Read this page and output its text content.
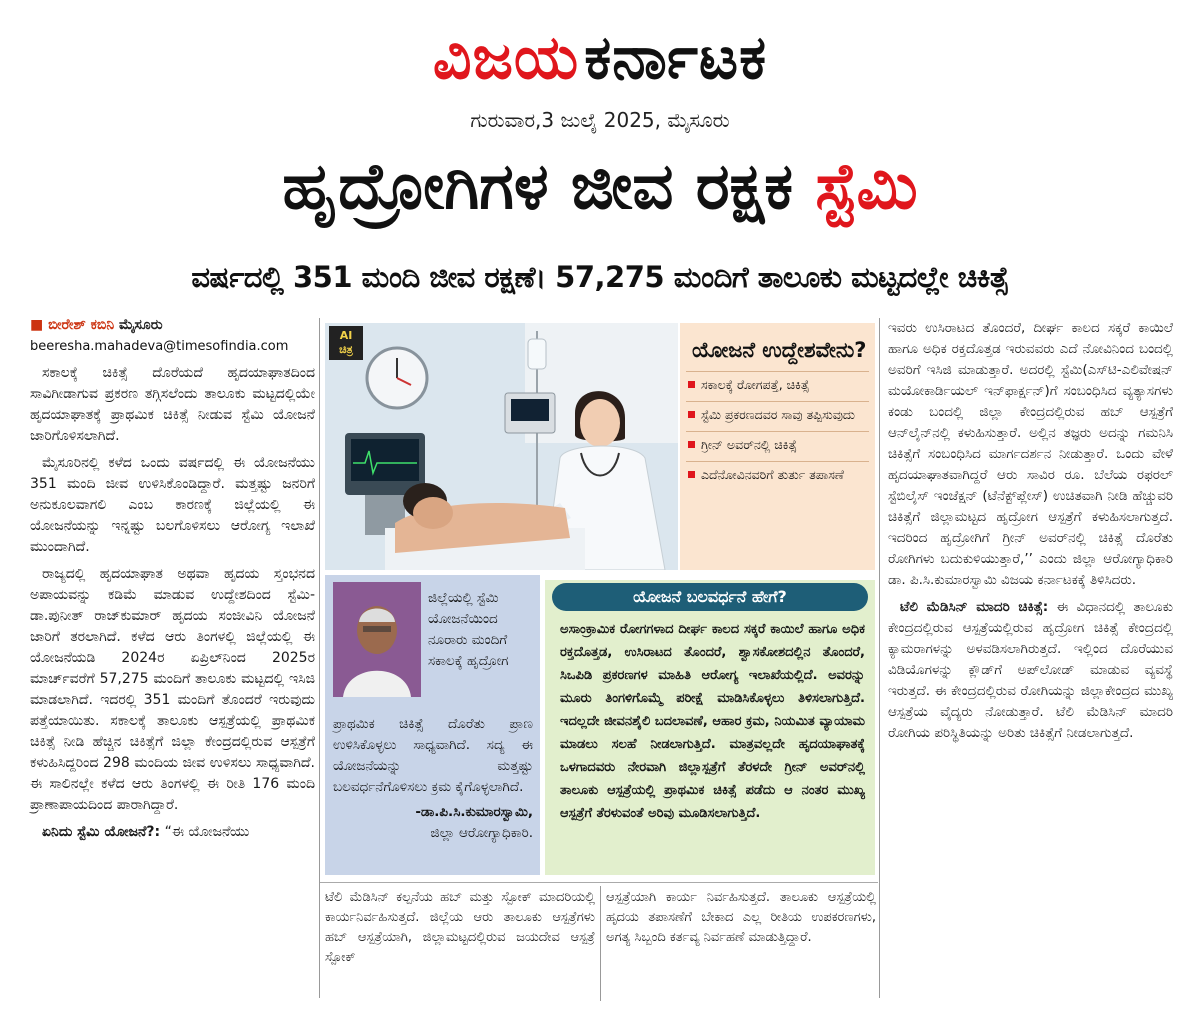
ವಿಜಯ ಕರ್ನಾಟಕ
ಗುರುವಾರ,3 ಜುಲೈ 2025, ಮೈಸೂರು
ಹೃದ್ರೋಗಿಗಳ ಜೀವ ರಕ್ಷಕ ಸ್ಟೆಮಿ
ವರ್ಷದಲ್ಲಿ 351 ಮಂದಿ ಜೀವ ರಕ್ಷಣೆ। 57,275 ಮಂದಿಗೆ ತಾಲೂಕು ಮಟ್ಟದಲ್ಲೇ ಚಿಕಿತ್ಸೆ
■ ಬೀರೇಶ್ ಕಬಿನಿ ಮೈಸೂರು
beeresha.mahadeva@timesofindia.com

ಸಕಾಲಕ್ಕೆ ಚಿಕಿತ್ಸೆ ದೊರೆಯದೆ ಹೃದಯಾಘಾತದಿಂದ ಸಾವಿಗೀಡಾಗುವ ಪ್ರಕರಣ ತಗ್ಗಿಸಲೆಂದು ತಾಲೂಕು ಮಟ್ಟದಲ್ಲಿಯೇ ಹೃದಯಾಘಾತಕ್ಕೆ ಪ್ರಾಥಮಿಕ ಚಿಕಿತ್ಸೆ ನೀಡುವ ಸ್ಟೆಮಿ ಯೋಜನೆ ಜಾರಿಗೊಳಿಸಲಾಗಿದೆ.

ಮೈಸೂರಿನಲ್ಲಿ ಕಳೆದ ಒಂದು ವರ್ಷದಲ್ಲಿ ಈ ಯೋಜನೆಯು 351 ಮಂದಿ ಜೀವ ಉಳಿಸಿಕೊಂಡಿದ್ದಾರೆ. ಮತ್ತಷ್ಟು ಜನರಿಗೆ ಅನುಕೂಲವಾಗಲಿ ಎಂಬ ಕಾರಣಕ್ಕೆ ಜಿಲ್ಲೆಯಲ್ಲಿ ಈ ಯೋಜನೆಯನ್ನು ಇನ್ನಷ್ಟು ಬಲಗೊಳಿಸಲು ಆರೋಗ್ಯ ಇಲಾಖೆ ಮುಂದಾಗಿದೆ.

ರಾಜ್ಯದಲ್ಲಿ ಹೃದಯಾಘಾತ ಅಥವಾ ಹೃದಯ ಸ್ತಂಭನದ ಅಪಾಯವನ್ನು ಕಡಿಮೆ ಮಾಡುವ ಉದ್ದೇಶದಿಂದ ಸ್ಟೆಮಿ-ಡಾ.ಪುನೀತ್ ರಾಜ್‌ಕುಮಾರ್ ಹೃದಯ ಸಂಜೀವಿನಿ ಯೋಜನೆ ಜಾರಿಗೆ ತರಲಾಗಿದೆ. ಕಳೆದ ಆರು ತಿಂಗಳಲ್ಲಿ ಜಿಲ್ಲೆಯಲ್ಲಿ ಈ ಯೋಜನೆಯಡಿ 2024ರ ಏಪ್ರಿಲ್‌ನಿಂದ 2025ರ ಮಾರ್ಚ್‌ವರೆಗೆ 57,275 ಮಂದಿಗೆ ತಾಲೂಕು ಮಟ್ಟದಲ್ಲಿ ಇಸಿಜಿ ಮಾಡಲಾಗಿದೆ. ಇದರಲ್ಲಿ 351 ಮಂದಿಗೆ ತೊಂದರೆ ಇರುವುದು ಪತ್ತೆಯಾಯಿತು. ಸಕಾಲಕ್ಕೆ ತಾಲೂಕು ಆಸ್ಪತ್ರೆಯಲ್ಲಿ ಪ್ರಾಥಮಿಕ ಚಿಕಿತ್ಸೆ ನೀಡಿ ಹೆಚ್ಚಿನ ಚಿಕಿತ್ಸೆಗೆ ಜಿಲ್ಲಾ ಕೇಂದ್ರದಲ್ಲಿರುವ ಆಸ್ಪತ್ರೆಗೆ ಕಳುಹಿಸಿದ್ದರಿಂದ 298 ಮಂದಿಯ ಜೀವ ಉಳಿಸಲು ಸಾಧ್ಯವಾಗಿದೆ. ಈ ಸಾಲಿನಲ್ಲೇ ಕಳೆದ ಆರು ತಿಂಗಳಲ್ಲಿ ಈ ರೀತಿ 176 ಮಂದಿ ಪ್ರಾಣಾಪಾಯದಿಂದ ಪಾರಾಗಿದ್ದಾರೆ.

ಏನಿದು ಸ್ಟೆಮಿ ಯೋಜನೆ?: “ಈ ಯೋಜನೆಯು

AI
ಚಿತ್ರ	ಯೋಜನೆ ಉದ್ದೇಶವೇನು?
ಸಕಾಲಕ್ಕೆ ರೋಗಪತ್ತೆ, ಚಿಕಿತ್ಸೆ
ಸ್ಟೆಮಿ ಪ್ರಕರಣದವರ ಸಾವು ತಪ್ಪಿಸುವುದು
ಗ್ರೀನ್ ಅವರ್‌ನಲ್ಲಿ ಚಿಕಿತ್ಸೆ
ಎದೆನೋವಿನವರಿಗೆ ತುರ್ತು ತಪಾಸಣೆ
ಜಿಲ್ಲೆಯಲ್ಲಿ ಸ್ಟೆಮಿ ಯೋಜನೆಯಿಂದ ನೂರಾರು ಮಂದಿಗೆ ಸಕಾಲಕ್ಕೆ ಹೃದ್ರೋಗ
ಪ್ರಾಥಮಿಕ ಚಿಕಿತ್ಸೆ ದೊರೆತು ಪ್ರಾಣ ಉಳಿಸಿಕೊಳ್ಳಲು ಸಾಧ್ಯವಾಗಿದೆ. ಸದ್ಯ ಈ ಯೋಜನೆಯನ್ನು ಮತ್ತಷ್ಟು ಬಲವರ್ಧನೆಗೊಳಿಸಲು ಕ್ರಮ ಕೈಗೊಳ್ಳಲಾಗಿದೆ.
-ಡಾ.ಪಿ.ಸಿ.ಕುಮಾರಸ್ವಾಮಿ,
ಜಿಲ್ಲಾ ಆರೋಗ್ಯಾಧಿಕಾರಿ.
ಯೋಜನೆ ಬಲವರ್ಧನೆ ಹೇಗೆ?
ಅಸಾಂಕ್ರಾಮಿಕ ರೋಗಗಳಾದ ದೀರ್ಘ ಕಾಲದ ಸಕ್ಕರೆ ಕಾಯಿಲೆ ಹಾಗೂ ಅಧಿಕ ರಕ್ತದೊತ್ತಡ, ಉಸಿರಾಟದ ತೊಂದರೆ, ಶ್ವಾಸಕೋಶದಲ್ಲಿನ ತೊಂದರೆ, ಸಿಒಪಿಡಿ ಪ್ರಕರಣಗಳ ಮಾಹಿತಿ ಆರೋಗ್ಯ ಇಲಾಖೆಯಲ್ಲಿದೆ. ಅವರನ್ನು ಮೂರು ತಿಂಗಳಿಗೊಮ್ಮೆ ಪರೀಕ್ಷೆ ಮಾಡಿಸಿಕೊಳ್ಳಲು ತಿಳಿಸಲಾಗುತ್ತಿದೆ. ಇದಲ್ಲದೇ ಜೀವನಶೈಲಿ ಬದಲಾವಣೆ, ಆಹಾರ ಕ್ರಮ, ನಿಯಮಿತ ವ್ಯಾಯಾಮ ಮಾಡಲು ಸಲಹೆ ನೀಡಲಾಗುತ್ತಿದೆ. ಮಾತ್ರವಲ್ಲದೇ ಹೃದಯಾಘಾತಕ್ಕೆ ಒಳಗಾದವರು ನೇರವಾಗಿ ಜಿಲ್ಲಾಸ್ಪತ್ರೆಗೆ ತೆರಳದೇ ಗ್ರೀನ್ ಅವರ್‌ನಲ್ಲಿ ತಾಲೂಕು ಆಸ್ಪತ್ರೆಯಲ್ಲಿ ಪ್ರಾಥಮಿಕ ಚಿಕಿತ್ಸೆ ಪಡೆದು ಆ ನಂತರ ಮುಖ್ಯ ಆಸ್ಪತ್ರೆಗೆ ತೆರಳುವಂತೆ ಅರಿವು ಮೂಡಿಸಲಾಗುತ್ತಿದೆ.

ಇವರು ಉಸಿರಾಟದ ತೊಂದರೆ, ದೀರ್ಘ ಕಾಲದ ಸಕ್ಕರೆ ಕಾಯಿಲೆ ಹಾಗೂ ಅಧಿಕ ರಕ್ತದೊತ್ತಡ ಇರುವವರು ಎದೆ ನೋವಿನಿಂದ ಬಂದಲ್ಲಿ ಅವರಿಗೆ ಇಸಿಜಿ ಮಾಡುತ್ತಾರೆ. ಅದರಲ್ಲಿ ಸ್ಟೆಮಿ(ಎಸ್‌ಟಿ-ಎಲಿವೇಷನ್ ಮಯೋಕಾರ್ಡಿಯಲ್ ಇನ್‌ಫಾರ್ಕ್ಷನ್)ಗೆ ಸಂಬಂಧಿಸಿದ ವ್ಯತ್ಯಾಸಗಳು ಕಂಡು ಬಂದಲ್ಲಿ ಜಿಲ್ಲಾ ಕೇಂದ್ರದಲ್ಲಿರುವ ಹಬ್ ಆಸ್ಪತ್ರೆಗೆ ಆನ್‌ಲೈನ್‌ನಲ್ಲಿ ಕಳುಹಿಸುತ್ತಾರೆ. ಅಲ್ಲಿನ ತಜ್ಞರು ಅದನ್ನು ಗಮನಿಸಿ ಚಿಕಿತ್ಸೆಗೆ ಸಂಬಂಧಿಸಿದ ಮಾರ್ಗದರ್ಶನ ನೀಡುತ್ತಾರೆ. ಒಂದು ವೇಳೆ ಹೃದಯಾಘಾತವಾಗಿದ್ದರೆ ಆರು ಸಾವಿರ ರೂ. ಬೆಲೆಯ ರಫರಲ್ ಸ್ಟೆಬಿಲೈಸ್ ಇಂಜೆಕ್ಷನ್ (ಟೆನೆಕ್ಟ್‌ಪ್ಲೇಸ್) ಉಚಿತವಾಗಿ ನೀಡಿ ಹೆಚ್ಚುವರಿ ಚಿಕಿತ್ಸೆಗೆ ಜಿಲ್ಲಾಮಟ್ಟದ ಹೃದ್ರೋಗ ಆಸ್ಪತ್ರೆಗೆ ಕಳುಹಿಸಲಾಗುತ್ತದೆ. ಇದರಿಂದ ಹೃದ್ರೋಗಿಗೆ ಗ್ರೀನ್ ಅವರ್‌ನಲ್ಲಿ ಚಿಕಿತ್ಸೆ ದೊರೆತು ರೋಗಿಗಳು ಬದುಕುಳಿಯುತ್ತಾರೆ,’’ ಎಂದು ಜಿಲ್ಲಾ ಆರೋಗ್ಯಾಧಿಕಾರಿ ಡಾ. ಪಿ.ಸಿ.ಕುಮಾರಸ್ವಾಮಿ ವಿಜಯ ಕರ್ನಾಟಕಕ್ಕೆ ತಿಳಿಸಿದರು.

ಟೆಲಿ ಮೆಡಿಸಿನ್ ಮಾದರಿ ಚಿಕಿತ್ಸೆ: ಈ ವಿಧಾನದಲ್ಲಿ ತಾಲೂಕು ಕೇಂದ್ರದಲ್ಲಿರುವ ಆಸ್ಪತ್ರೆಯಲ್ಲಿರುವ ಹೃದ್ರೋಗ ಚಿಕಿತ್ಸೆ ಕೇಂದ್ರದಲ್ಲಿ ಕ್ಯಾಮರಾಗಳನ್ನು ಅಳವಡಿಸಲಾಗಿರುತ್ತದೆ. ಇಲ್ಲಿಂದ ದೊರೆಯುವ ವಿಡಿಯೊಗಳನ್ನು ಕ್ಲೌಡ್‌ಗೆ ಅಪ್‌ಲೋಡ್ ಮಾಡುವ ವ್ಯವಸ್ಥೆ ಇರುತ್ತದೆ. ಈ ಕೇಂದ್ರದಲ್ಲಿರುವ ರೋಗಿಯನ್ನು ಜಿಲ್ಲಾಕೇಂದ್ರದ ಮುಖ್ಯ ಆಸ್ಪತ್ರೆಯ ವೈದ್ಯರು ನೋಡುತ್ತಾರೆ. ಟೆಲಿ ಮೆಡಿಸಿನ್ ಮಾದರಿ ರೋಗಿಯ ಪರಿಸ್ಥಿತಿಯನ್ನು ಅರಿತು ಚಿಕಿತ್ಸೆಗೆ ನೀಡಲಾಗುತ್ತದೆ.

ಟೆಲಿ ಮೆಡಿಸಿನ್ ಕಲ್ಪನೆಯ ಹಬ್ ಮತ್ತು ಸ್ಪೋಕ್ ಮಾದರಿಯಲ್ಲಿ ಕಾರ್ಯನಿರ್ವಹಿಸುತ್ತದೆ. ಜಿಲ್ಲೆಯ ಆರು ತಾಲೂಕು ಆಸ್ಪತ್ರೆಗಳು ಹಬ್ ಆಸ್ಪತ್ರೆಯಾಗಿ, ಜಿಲ್ಲಾಮಟ್ಟದಲ್ಲಿರುವ ಜಯದೇವ ಆಸ್ಪತ್ರೆ ಸ್ಪೋಕ್
ಆಸ್ಪತ್ರೆಯಾಗಿ ಕಾರ್ಯ ನಿರ್ವಹಿಸುತ್ತದೆ. ತಾಲೂಕು ಆಸ್ಪತ್ರೆಯಲ್ಲಿ ಹೃದಯ ತಪಾಸಣೆಗೆ ಬೇಕಾದ ಎಲ್ಲ ರೀತಿಯ ಉಪಕರಣಗಳು, ಅಗತ್ಯ ಸಿಬ್ಬಂದಿ ಕರ್ತವ್ಯ ನಿರ್ವಹಣೆ ಮಾಡುತ್ತಿದ್ದಾರೆ.
